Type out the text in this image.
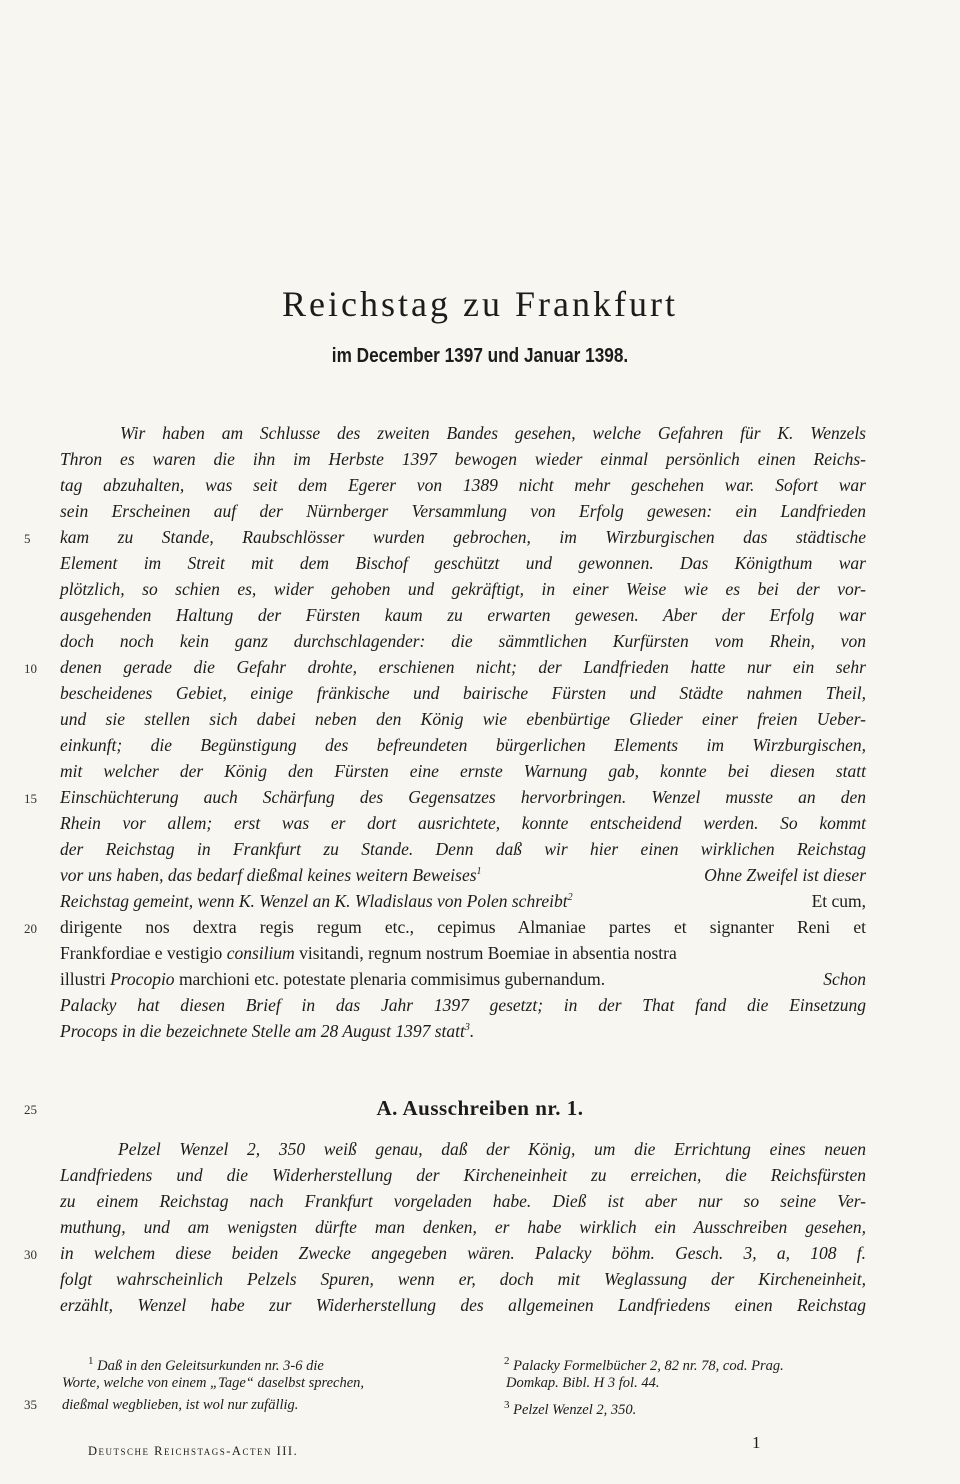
Reichstag zu Frankfurt
im December 1397 und Januar 1398.
Wir haben am Schlusse des zweiten Bandes gesehen, welche Gefahren für K. Wenzels
Thron es waren die ihn im Herbste 1397 bewogen wieder einmal persönlich einen Reichs-
tag abzuhalten, was seit dem Egerer von 1389 nicht mehr geschehen war. Sofort war
sein Erscheinen auf der Nürnberger Versammlung von Erfolg gewesen: ein Landfrieden
kam zu Stande, Raubschlösser wurden gebrochen, im Wirzburgischen das städtische
Element im Streit mit dem Bischof geschützt und gewonnen. Das Königthum war
plötzlich, so schien es, wider gehoben und gekräftigt, in einer Weise wie es bei der vor-
ausgehenden Haltung der Fürsten kaum zu erwarten gewesen. Aber der Erfolg war
doch noch kein ganz durchschlagender: die sämmtlichen Kurfürsten vom Rhein, von
denen gerade die Gefahr drohte, erschienen nicht; der Landfrieden hatte nur ein sehr
bescheidenes Gebiet, einige fränkische und bairische Fürsten und Städte nahmen Theil,
und sie stellen sich dabei neben den König wie ebenbürtige Glieder einer freien Ueber-
einkunft; die Begünstigung des befreundeten bürgerlichen Elements im Wirzburgischen,
mit welcher der König den Fürsten eine ernste Warnung gab, konnte bei diesen statt
Einschüchterung auch Schärfung des Gegensatzes hervorbringen. Wenzel musste an den
Rhein vor allem; erst was er dort ausrichtete, konnte entscheidend werden. So kommt
der Reichstag in Frankfurt zu Stande. Denn daß wir hier einen wirklichen Reichstag
vor uns haben, das bedarf dießmal keines weitern Beweises$^1$	Ohne Zweifel ist dieser
Reichstag gemeint, wenn K. Wenzel an K. Wladislaus von Polen schreibt$^2$	Et cum,
dirigente nos dextra regis regum etc., cepimus Almaniae partes et signanter Reni et
Frankfordiae e vestigio consilium visitandi, regnum nostrum Boemiae in absentia nostra
illustri Procopio marchioni etc. potestate plenaria commisimus gubernandum.	Schon
Palacky hat diesen Brief in das Jahr 1397 gesetzt; in der That fand die Einsetzung
Procops in die bezeichnete Stelle am 28 August 1397 statt$^3$.
A. Ausschreiben nr. 1.
Pelzel Wenzel 2, 350 weiß genau, daß der König, um die Errichtung eines neuen
Landfriedens und die Widerherstellung der Kircheneinheit zu erreichen, die Reichsfürsten
zu einem Reichstag nach Frankfurt vorgeladen habe. Dieß ist aber nur so seine Ver-
muthung, und am wenigsten dürfte man denken, er habe wirklich ein Ausschreiben gesehen,
in welchem diese beiden Zwecke angegeben wären. Palacky böhm. Gesch. 3, a, 108 f.
folgt wahrscheinlich Pelzels Spuren, wenn er, doch mit Weglassung der Kircheneinheit,
erzählt, Wenzel habe zur Widerherstellung des allgemeinen Landfriedens einen Reichstag
5
10
15
20
25
30
35
$^1$ Daß in den Geleitsurkunden nr. 3-6 die
Worte, welche von einem „Tage“ daselbst sprechen,
dießmal wegblieben, ist wol nur zufällig.
$^2$ Palacky Formelbücher 2, 82 nr. 78, cod. Prag.
Domkap. Bibl. H 3 fol. 44.
$^3$ Pelzel Wenzel 2, 350.
Deutsche Reichstags-Acten III.	1
